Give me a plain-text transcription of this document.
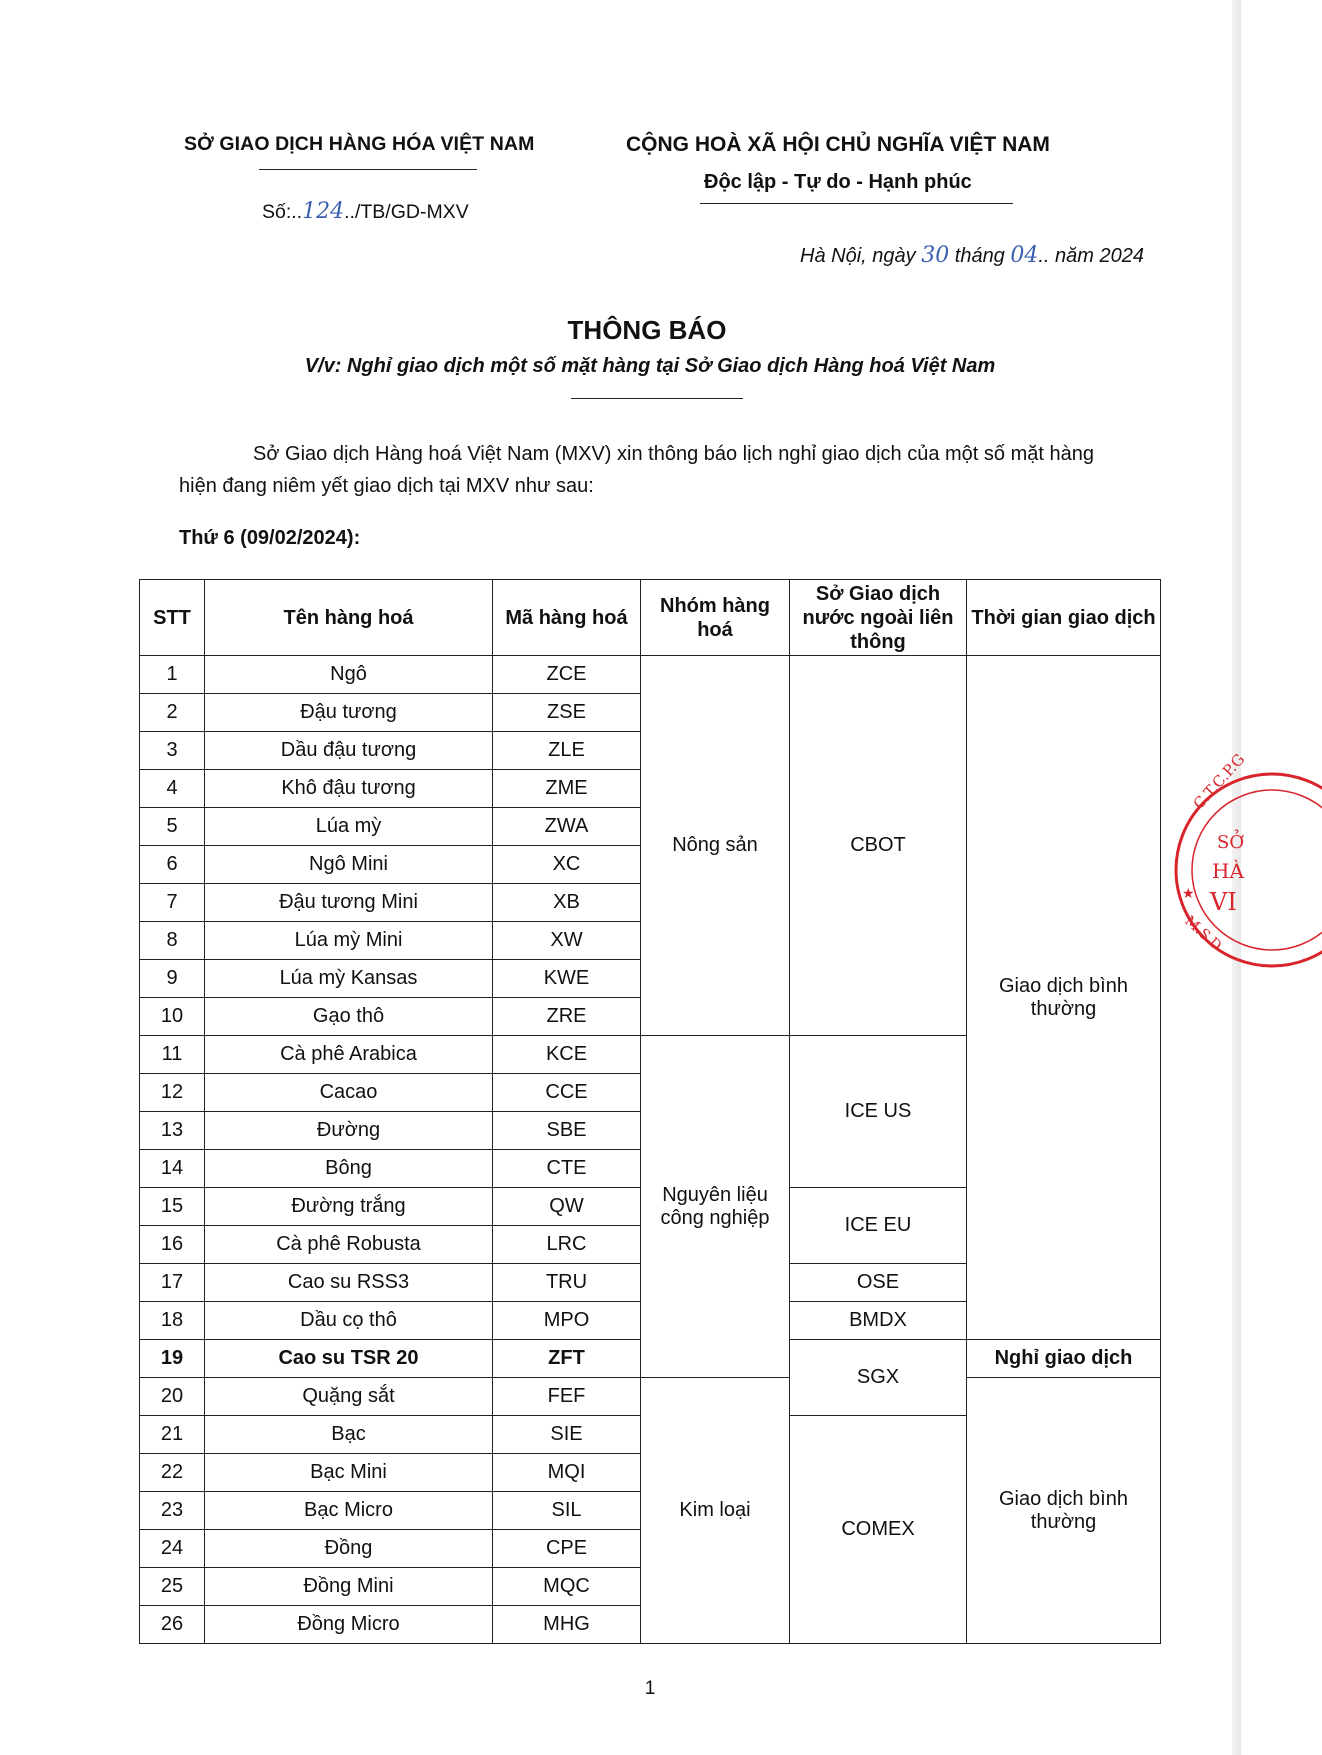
SỞ GIAO DỊCH HÀNG HÓA VIỆT NAM
Số:..124../TB/GD-MXV
CỘNG HOÀ XÃ HỘI CHỦ NGHĨA VIỆT NAM
Độc lập - Tự do - Hạnh phúc
Hà Nội, ngày 30 tháng 04.. năm 2024
THÔNG BÁO
V/v: Nghỉ giao dịch một số mặt hàng tại Sở Giao dịch Hàng hoá Việt Nam
Sở Giao dịch Hàng hoá Việt Nam (MXV) xin thông báo lịch nghỉ giao dịch của một số mặt hàng hiện đang niêm yết giao dịch tại MXV như sau:
Thứ 6 (09/02/2024):
STT	Tên hàng hoá	Mã hàng hoá	Nhóm hàng hoá	Sở Giao dịch nước ngoài liên thông	Thời gian giao dịch
1	Ngô	ZCE	Nông sản	CBOT	Giao dịch bình thường
2	Đậu tương	ZSE			
3	Dầu đậu tương	ZLE			
4	Khô đậu tương	ZME			
5	Lúa mỳ	ZWA			
6	Ngô Mini	XC			
7	Đậu tương Mini	XB			
8	Lúa mỳ Mini	XW			
9	Lúa mỳ Kansas	KWE			
10	Gạo thô	ZRE			
11	Cà phê Arabica	KCE	Nguyên liệu công nghiệp	ICE US	
12	Cacao	CCE			
13	Đường	SBE			
14	Bông	CTE			
15	Đường trắng	QW		ICE EU	
16	Cà phê Robusta	LRC			
17	Cao su RSS3	TRU		OSE	
18	Dầu cọ thô	MPO		BMDX	
19	Cao su TSR 20	ZFT		SGX	Nghỉ giao dịch
20	Quặng sắt	FEF	Kim loại		Giao dịch bình thường
21	Bạc	SIE		COMEX	
22	Bạc Mini	MQI			
23	Bạc Micro	SIL			
24	Đồng	CPE			
25	Đồng Mini	MQC			
26	Đồng Micro	MHG			
C.T.C.P.G
SỞ
HÀ
VI
★
M.S.D
1
